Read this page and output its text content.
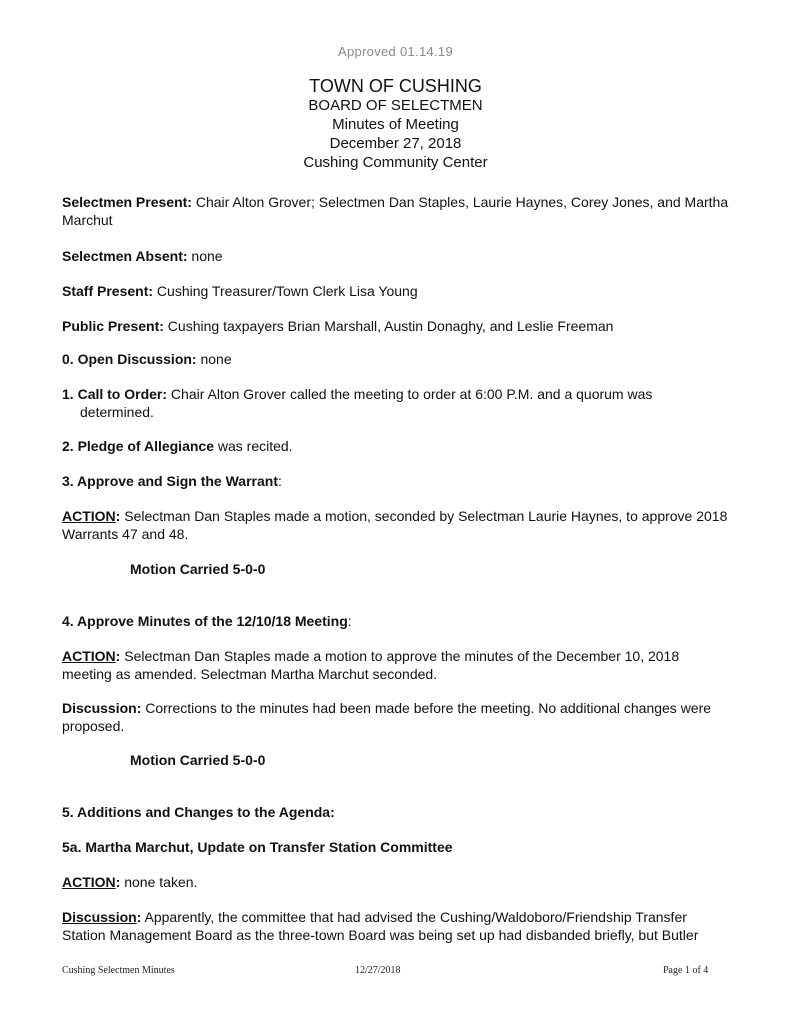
Approved 01.14.19
TOWN OF CUSHING
BOARD OF SELECTMEN
Minutes of Meeting
December 27, 2018
Cushing Community Center
Selectmen Present: Chair Alton Grover; Selectmen Dan Staples, Laurie Haynes, Corey Jones, and Martha Marchut
Selectmen Absent: none
Staff Present: Cushing Treasurer/Town Clerk Lisa Young
Public Present: Cushing taxpayers Brian Marshall, Austin Donaghy, and Leslie Freeman
0. Open Discussion: none
1. Call to Order: Chair Alton Grover called the meeting to order at 6:00 P.M. and a quorum was
determined.
2. Pledge of Allegiance was recited.
3. Approve and Sign the Warrant:
ACTION: Selectman Dan Staples made a motion, seconded by Selectman Laurie Haynes, to approve 2018 Warrants 47 and 48.
Motion Carried 5-0-0
4. Approve Minutes of the 12/10/18 Meeting:
ACTION: Selectman Dan Staples made a motion to approve the minutes of the December 10, 2018 meeting as amended. Selectman Martha Marchut seconded.
Discussion: Corrections to the minutes had been made before the meeting. No additional changes were proposed.
Motion Carried 5-0-0
5. Additions and Changes to the Agenda:
5a. Martha Marchut, Update on Transfer Station Committee
ACTION: none taken.
Discussion: Apparently, the committee that had advised the Cushing/Waldoboro/Friendship Transfer Station Management Board as the three-town Board was being set up had disbanded briefly, but Butler
Cushing Selectmen Minutes	12/27/2018	Page 1 of 4
